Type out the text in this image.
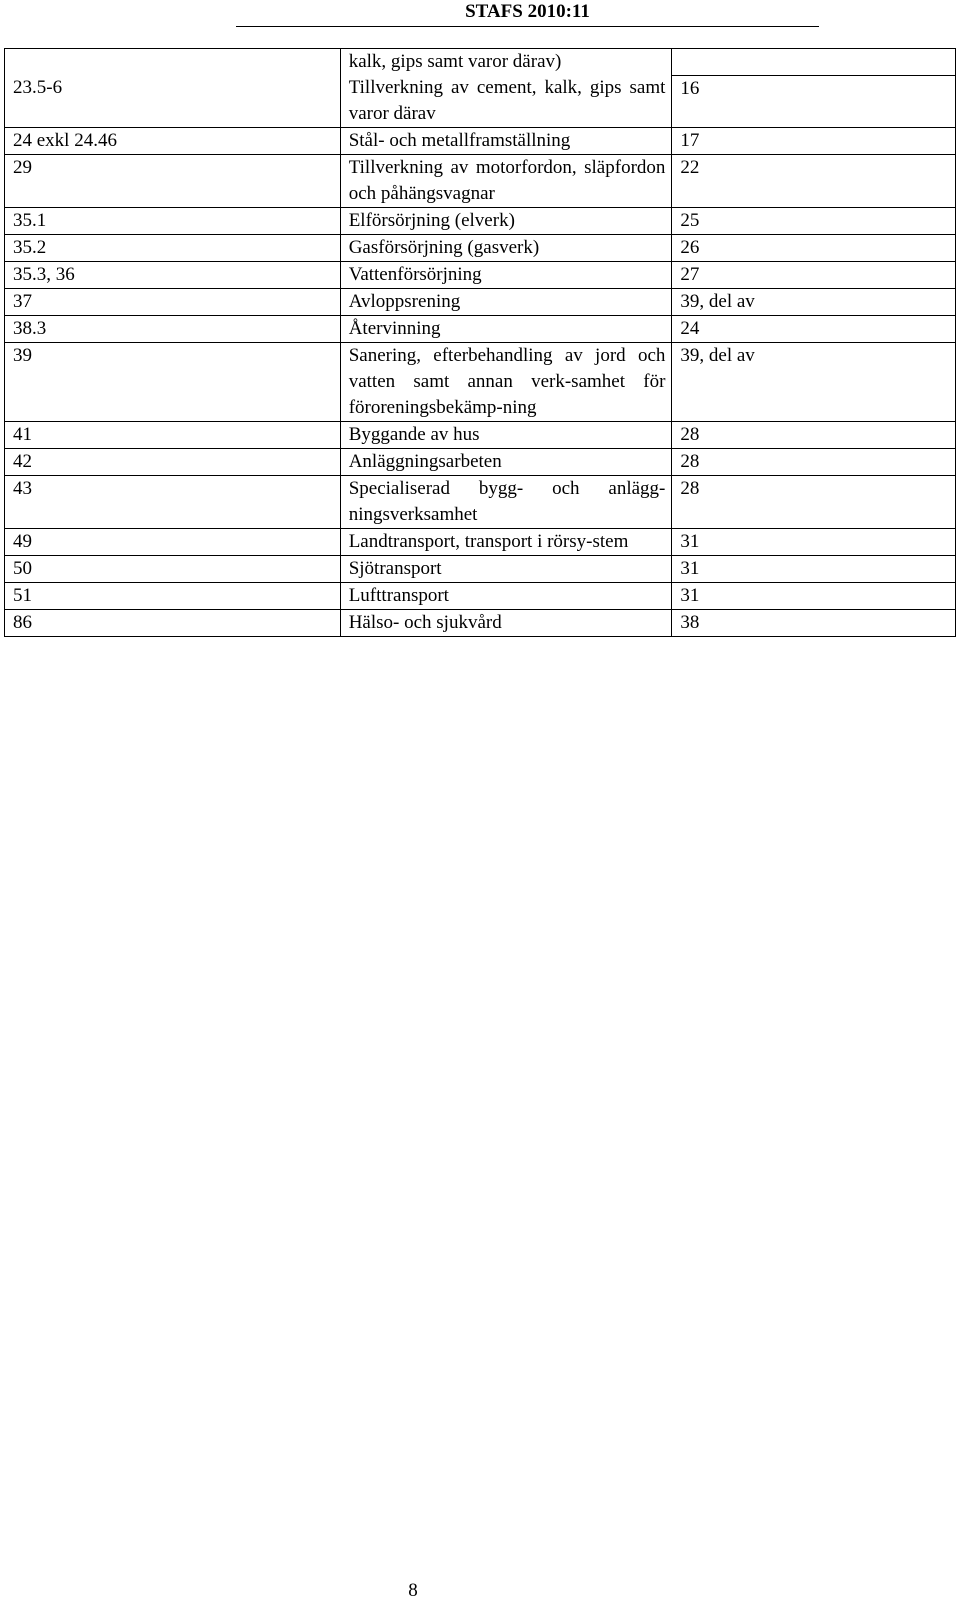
STAFS 2010:11
	kalk, gips samt varor därav)	
23.5-6	Tillverkning av cement, kalk, gips samt varor därav	16
24 exkl 24.46	Stål- och metallframställning	17
29	Tillverkning av motorfordon, släpfordon och påhängsvagnar	22
35.1	Elförsörjning (elverk)	25
35.2	Gasförsörjning (gasverk)	26
35.3, 36	Vattenförsörjning	27
37	Avloppsrening	39, del av
38.3	Återvinning	24
39	Sanering, efterbehandling av jord och vatten samt annan verk-samhet för föroreningsbekämp-ning	39, del av
41	Byggande av hus	28
42	Anläggningsarbeten	28
43	Specialiserad bygg- och anlägg-ningsverksamhet	28
49	Landtransport, transport i rörsy-stem	31
50	Sjötransport	31
51	Lufttransport	31
86	Hälso- och sjukvård	38
8
